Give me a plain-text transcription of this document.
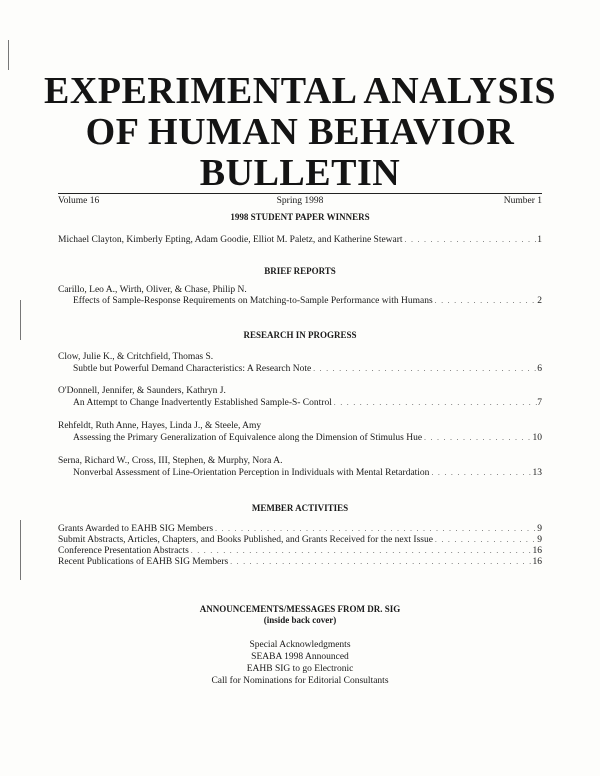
EXPERIMENTAL ANALYSIS
OF HUMAN BEHAVIOR
BULLETIN
Volume 16	Spring 1998	Number 1
1998 STUDENT PAPER WINNERS
Michael Clayton, Kimberly Epting, Adam Goodie, Elliot M. Paletz, and Katherine Stewart . . .	1
BRIEF REPORTS
Carillo, Leo A., Wirth, Oliver, & Chase, Philip N.
Effects of Sample-Response Requirements on Matching-to-Sample Performance with Humans . . .	2
RESEARCH IN PROGRESS
Clow, Julie K., & Critchfield, Thomas S.
Subtle but Powerful Demand Characteristics: A Research Note . . .	6
O'Donnell, Jennifer, & Saunders, Kathryn J.
An Attempt to Change Inadvertently Established Sample-S- Control . . .	7
Rehfeldt, Ruth Anne, Hayes, Linda J., & Steele, Amy
Assessing the Primary Generalization of Equivalence along the Dimension of Stimulus Hue . . .	10
Serna, Richard W., Cross, III, Stephen, & Murphy, Nora A.
Nonverbal Assessment of Line-Orientation Perception in Individuals with Mental Retardation . . .	13
MEMBER ACTIVITIES
Grants Awarded to EAHB SIG Members . . .	9
Submit Abstracts, Articles, Chapters, and Books Published, and Grants Received for the next Issue . . .	9
Conference Presentation Abstracts . . .	16
Recent Publications of EAHB SIG Members . . .	16
ANNOUNCEMENTS/MESSAGES FROM DR. SIG
(inside back cover)
Special Acknowledgments
SEABA 1998 Announced
EAHB SIG to go Electronic
Call for Nominations for Editorial Consultants
